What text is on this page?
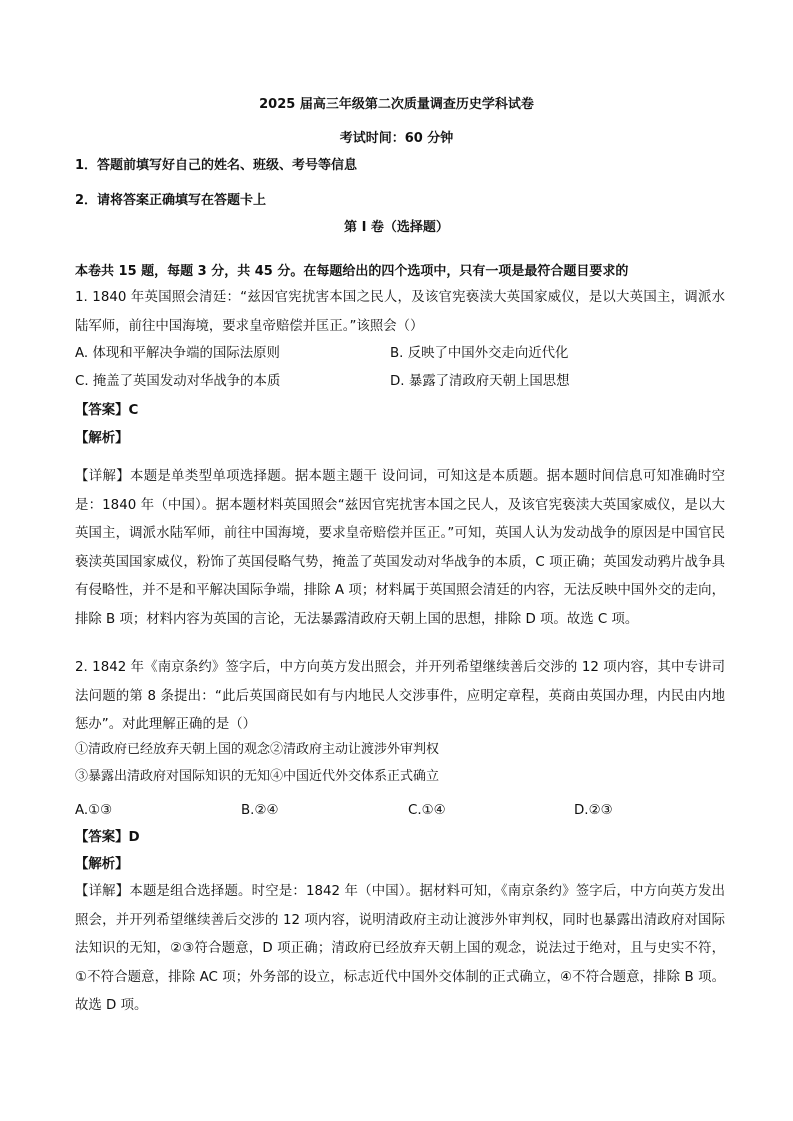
2025 届高三年级第二次质量调查历史学科试卷
考试时间：60 分钟
1．答题前填写好自己的姓名、班级、考号等信息
2．请将答案正确填写在答题卡上
第 I 卷（选择题）
本卷共 15 题，每题 3 分，共 45 分。在每题给出的四个选项中，只有一项是最符合题目要求的
1. 1840 年英国照会清廷：“兹因官宪扰害本国之民人，及该官宪亵渎大英国家威仪，是以大英国主，调派水陆军师，前往中国海境，要求皇帝赔偿并匡正。”该照会（）
A. 体现和平解决争端的国际法原则	B. 反映了中国外交走向近代化
C. 掩盖了英国发动对华战争的本质	D. 暴露了清政府天朝上国思想
【答案】C
【解析】
【详解】本题是单类型单项选择题。据本题主题干 设问词，可知这是本质题。据本题时间信息可知准确时空是：1840 年（中国）。据本题材料英国照会“兹因官宪扰害本国之民人，及该官宪亵渎大英国家威仪，是以大英国主，调派水陆军师，前往中国海境，要求皇帝赔偿并匡正。”可知，英国人认为发动战争的原因是中国官民亵渎英国国家威仪，粉饰了英国侵略气势，掩盖了英国发动对华战争的本质，C 项正确；英国发动鸦片战争具有侵略性，并不是和平解决国际争端，排除 A 项；材料属于英国照会清廷的内容，无法反映中国外交的走向，排除 B 项；材料内容为英国的言论，无法暴露清政府天朝上国的思想，排除 D 项。故选 C 项。
2. 1842 年《南京条约》签字后，中方向英方发出照会，并开列希望继续善后交涉的 12 项内容，其中专讲司法问题的第 8 条提出：“此后英国商民如有与内地民人交涉事件，应明定章程，英商由英国办理，内民由内地惩办”。对此理解正确的是（）
①清政府已经放弃天朝上国的观念②清政府主动让渡涉外审判权
③暴露出清政府对国际知识的无知④中国近代外交体系正式确立
A.①③	B.②④	C.①④	D.②③
【答案】D
【解析】
【详解】本题是组合选择题。时空是：1842 年（中国）。据材料可知，《南京条约》签字后，中方向英方发出照会，并开列希望继续善后交涉的 12 项内容，说明清政府主动让渡涉外审判权，同时也暴露出清政府对国际法知识的无知，②③符合题意，D 项正确；清政府已经放弃天朝上国的观念，说法过于绝对，且与史实不符，①不符合题意，排除 AC 项；外务部的设立，标志近代中国外交体制的正式确立，④不符合题意，排除 B 项。故选 D 项。
